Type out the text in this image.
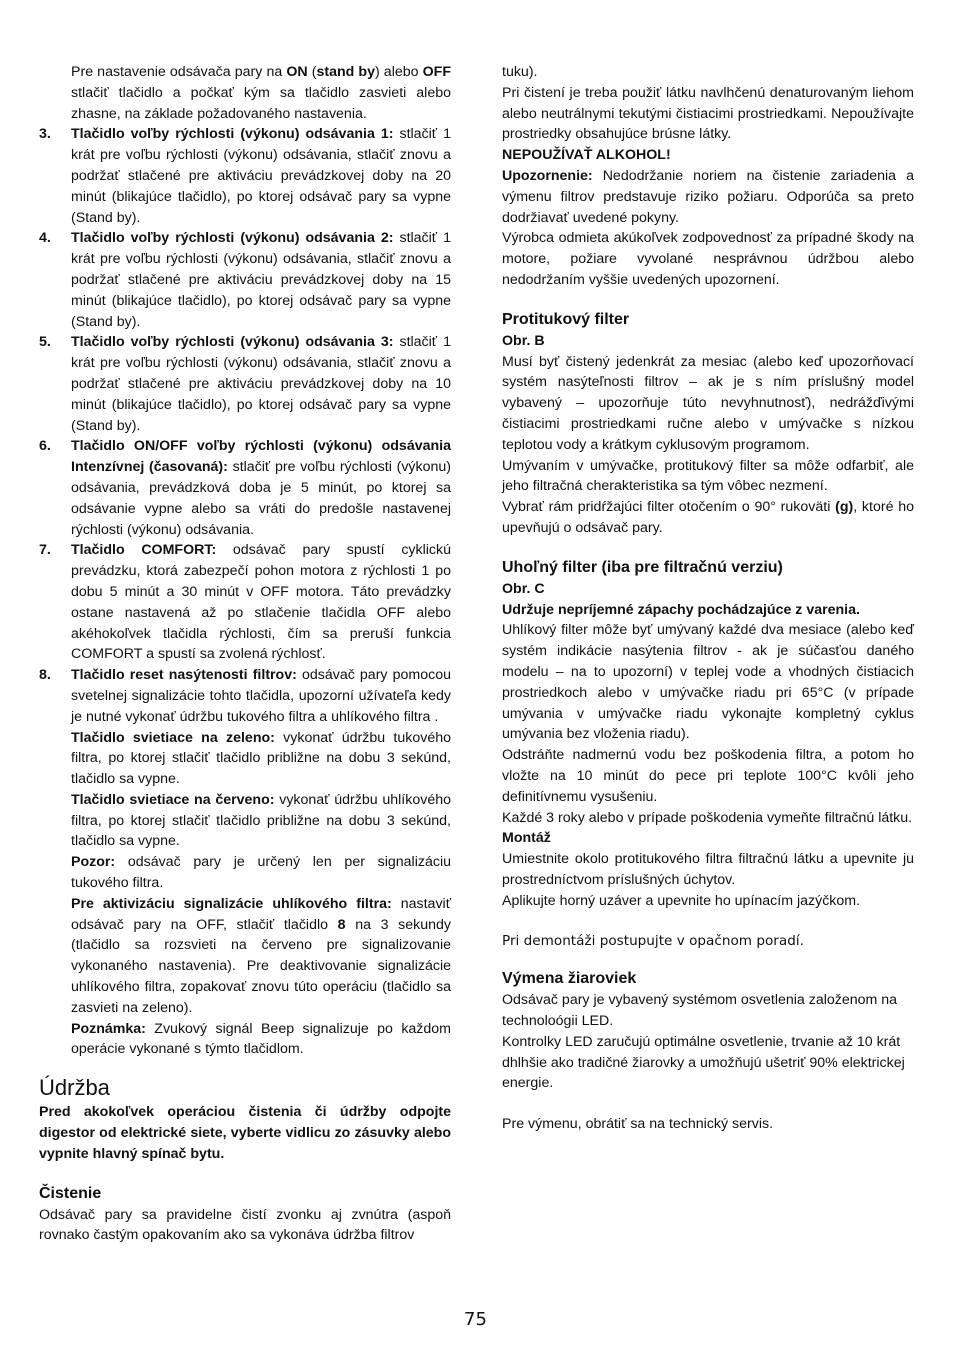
Pre nastavenie odsávača pary na ON (stand by) alebo OFF stlačiť tlačidlo a počkať kým sa tlačidlo zasvieti alebo zhasne, na základe požadovaného nastavenia.

3. Tlačidlo voľby rýchlosti (výkonu) odsávania 1: stlačiť 1 krát pre voľbu rýchlosti (výkonu) odsávania, stlačiť znovu a podržať stlačené pre aktiváciu prevádzkovej doby na 20 minút (blikajúce tlačidlo), po ktorej odsávač pary sa vypne (Stand by).
4. Tlačidlo voľby rýchlosti (výkonu) odsávania 2: stlačiť 1 krát pre voľbu rýchlosti (výkonu) odsávania, stlačiť znovu a podržať stlačené pre aktiváciu prevádzkovej doby na 15 minút (blikajúce tlačidlo), po ktorej odsávač pary sa vypne (Stand by).
5. Tlačidlo voľby rýchlosti (výkonu) odsávania 3: stlačiť 1 krát pre voľbu rýchlosti (výkonu) odsávania, stlačiť znovu a podržať stlačené pre aktiváciu prevádzkovej doby na 10 minút (blikajúce tlačidlo), po ktorej odsávač pary sa vypne (Stand by).
6. Tlačidlo ON/OFF voľby rýchlosti (výkonu) odsávania Intenzívnej (časovaná): stlačiť pre voľbu rýchlosti (výkonu) odsávania, prevádzková doba je 5 minút, po ktorej sa odsávanie vypne alebo sa vráti do predošle nastavenej rýchlosti (výkonu) odsávania.
7. Tlačidlo COMFORT: odsávač pary spustí cyklickú prevádzku, ktorá zabezpečí pohon motora z rýchlosti 1 po dobu 5 minút a 30 minút v OFF motora. Táto prevádzky ostane nastavená až po stlačenie tlačidla OFF alebo akéhokoľvek tlačidla rýchlosti, čím sa preruší funkcia COMFORT a spustí sa zvolená rýchlosť.
8. Tlačidlo reset nasýtenosti filtrov: odsávač pary pomocou svetelnej signalizácie tohto tlačidla, upozorní užívateľa kedy je nutné vykonať údržbu tukového filtra a uhlíkového filtra .

Tlačidlo svietiace na zeleno: vykonať údržbu tukového filtra, po ktorej stlačiť tlačidlo približne na dobu 3 sekúnd, tlačidlo sa vypne.

Tlačidlo svietiace na červeno: vykonať údržbu uhlíkového filtra, po ktorej stlačiť tlačidlo približne na dobu 3 sekúnd, tlačidlo sa vypne.

Pozor: odsávač pary je určený len per signalizáciu tukového filtra.

Pre aktivizáciu signalizácie uhlíkového filtra: nastaviť odsávač pary na OFF, stlačiť tlačidlo 8 na 3 sekundy (tlačidlo sa rozsvieti na červeno pre signalizovanie vykonaného nastavenia). Pre deaktivovanie signalizácie uhlíkového filtra, zopakovať znovu túto operáciu (tlačidlo sa zasvieti na zeleno).

Poznámka: Zvukový signál Beep signalizuje po každom operácie vykonané s týmto tlačidlom.

Údržba

Pred akokoľvek operáciou čistenia či údržby odpojte digestor od elektrické siete, vyberte vidlicu zo zásuvky alebo vypnite hlavný spínač bytu.

Čistenie

Odsávač pary sa pravidelne čistí zvonku aj zvnútra (aspoň rovnako častým opakovaním ako sa vykonáva údržba filtrov

tuku).

Pri čistení je treba použiť látku navlhčenú denaturovaným liehom alebo neutrálnymi tekutými čistiacimi prostriedkami. Nepoužívajte prostriedky obsahujúce brúsne látky.

NEPOUŽÍVAŤ ALKOHOL!

Upozornenie: Nedodržanie noriem na čistenie zariadenia a výmenu filtrov predstavuje riziko požiaru. Odporúča sa preto dodržiavať uvedené pokyny.

Výrobca odmieta akúkoľvek zodpovednosť za prípadné škody na motore, požiare vyvolané nesprávnou údržbou alebo nedodržaním vyššie uvedených upozornení.

Protitukový filter

Obr. B

Musí byť čistený jedenkrát za mesiac (alebo keď upozorňovací systém nasýteľnosti filtrov – ak je s ním príslušný model vybavený – upozorňuje túto nevyhnutnosť), nedrážďivými čistiacimi prostriedkami ručne alebo v umývačke s nízkou teplotou vody a krátkym cyklusovým programom.

Umývaním v umývačke, protitukový filter sa môže odfarbiť, ale jeho filtračná cherakteristika sa tým vôbec nezmení.

Vybrať rám pridŕžajúci filter otočením o 90° rukoväti (g), ktoré ho upevňujú o odsávač pary.

Uhoľný filter (iba pre filtračnú verziu)

Obr. C

Udržuje nepríjemné zápachy pochádzajúce z varenia.

Uhlíkový filter môže byť umývaný každé dva mesiace (alebo keď systém indikácie nasýtenia filtrov - ak je súčasťou daného modelu – na to upozorní) v teplej vode a vhodných čistiacich prostriedkoch alebo v umývačke riadu pri 65°C (v prípade umývania v umývačke riadu vykonajte kompletný cyklus umývania bez vloženia riadu).

Odstráňte nadmernú vodu bez poškodenia filtra, a potom ho vložte na 10 minút do pece pri teplote 100°C kvôli jeho definitívnemu vysušeniu.

Každé 3 roky alebo v prípade poškodenia vymeňte filtračnú látku.

Montáž

Umiestnite okolo protitukového filtra filtračnú látku a upevnite ju prostredníctvom príslušných úchytov.

Aplikujte horný uzáver a upevnite ho upínacím jazýčkom.

Pri demontáži postupujte v opačnom poradí.

Výmena žiaroviek

Odsávač pary je vybavený systémom osvetlenia založenom na technoloógii LED.

Kontrolky LED zaručujú optimálne osvetlenie, trvanie až 10 krát dhlhšie ako tradičné žiarovky a umožňujú ušetriť 90% elektrickej energie.

Pre výmenu, obrátiť sa na technický servis.

75
